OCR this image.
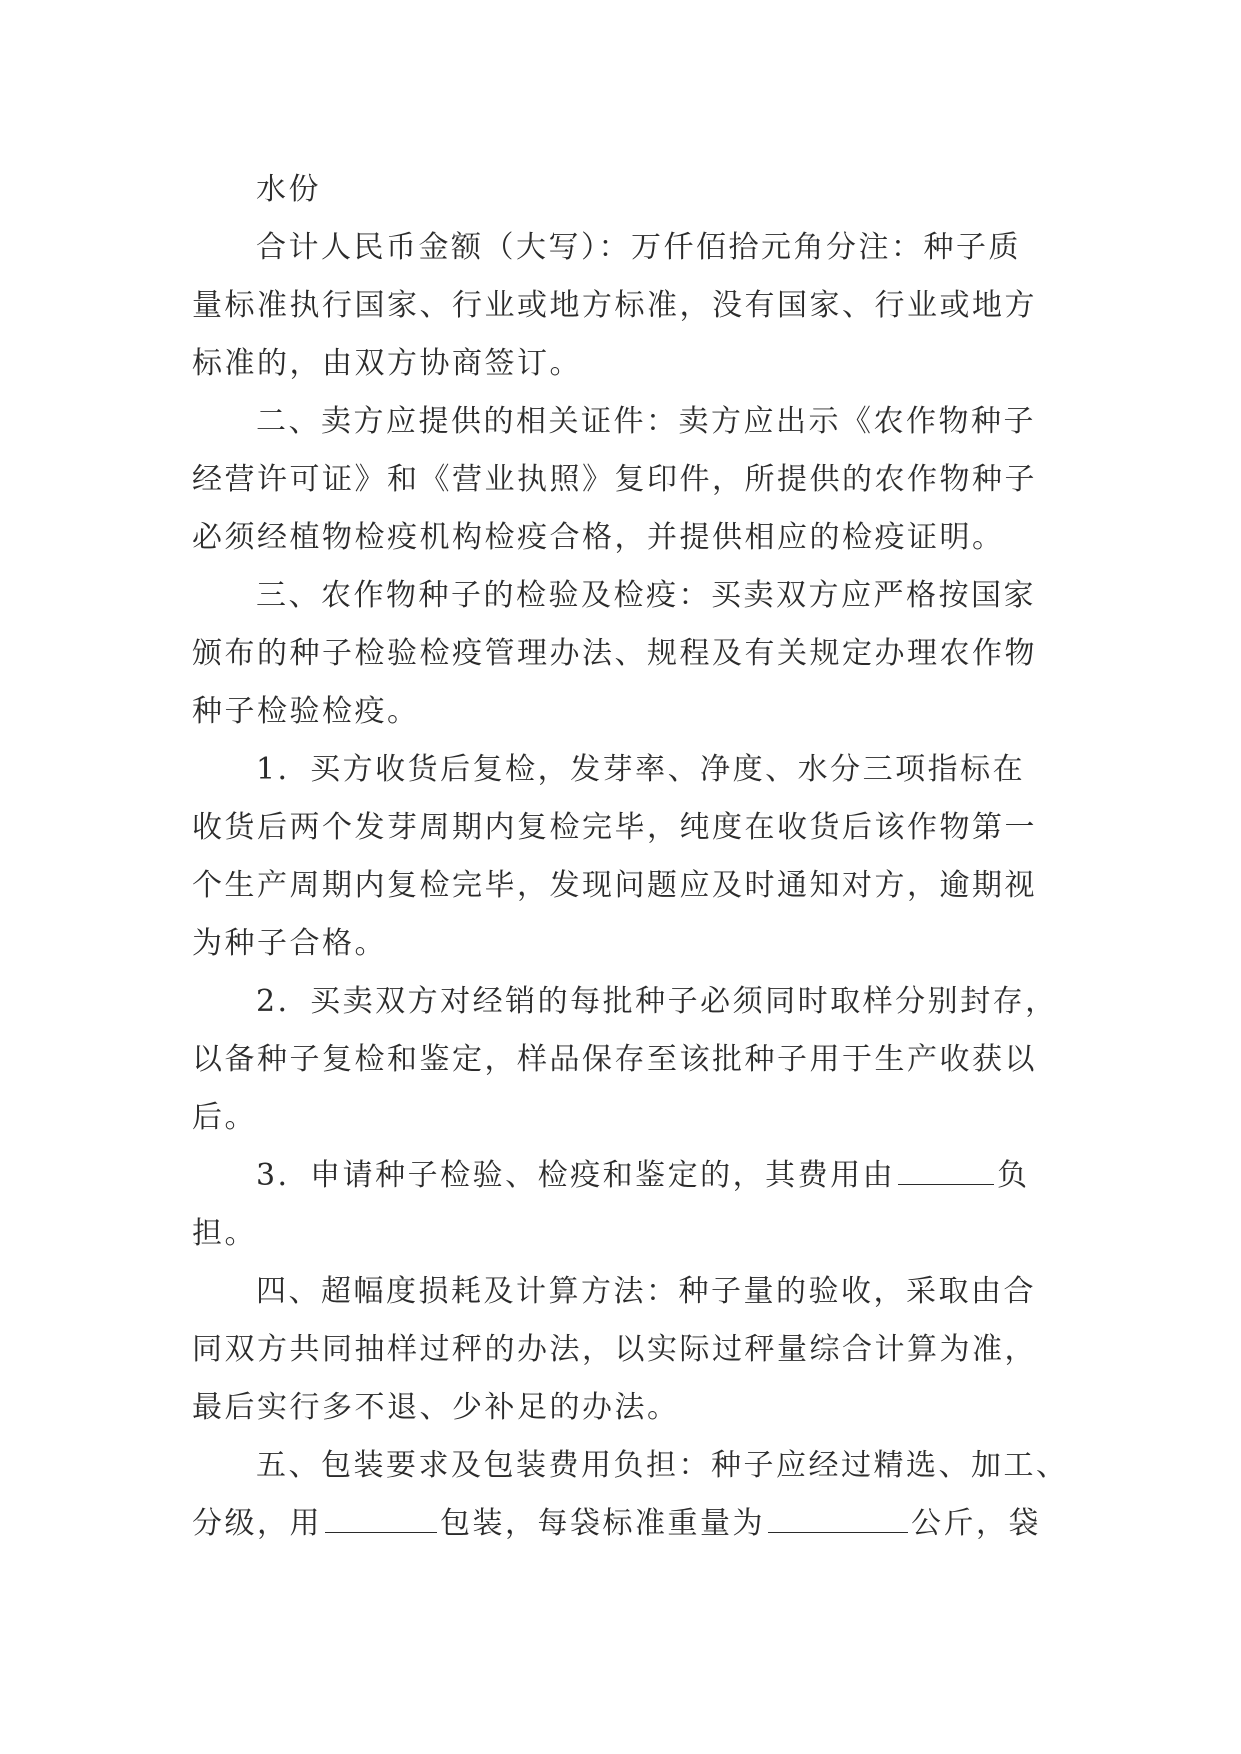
水份
合计人民币金额（大写）：万仟佰拾元角分注：种子质
量标准执行国家、行业或地方标准，没有国家、行业或地方
标准的，由双方协商签订。
二、卖方应提供的相关证件：卖方应出示《农作物种子
经营许可证》和《营业执照》复印件，所提供的农作物种子
必须经植物检疫机构检疫合格，并提供相应的检疫证明。
三、农作物种子的检验及检疫：买卖双方应严格按国家
颁布的种子检验检疫管理办法、规程及有关规定办理农作物
种子检验检疫。
1．买方收货后复检，发芽率、净度、水分三项指标在
收货后两个发芽周期内复检完毕，纯度在收货后该作物第一
个生产周期内复检完毕，发现问题应及时通知对方，逾期视
为种子合格。
2．买卖双方对经销的每批种子必须同时取样分别封存，
以备种子复检和鉴定，样品保存至该批种子用于生产收获以
后。
3．申请种子检验、检疫和鉴定的，其费用由	负
担。
四、超幅度损耗及计算方法：种子量的验收，采取由合
同双方共同抽样过秤的办法，以实际过秤量综合计算为准，
最后实行多不退、少补足的办法。
五、包装要求及包装费用负担：种子应经过精选、加工、
分级，用	包装，每袋标准重量为	公斤，袋
